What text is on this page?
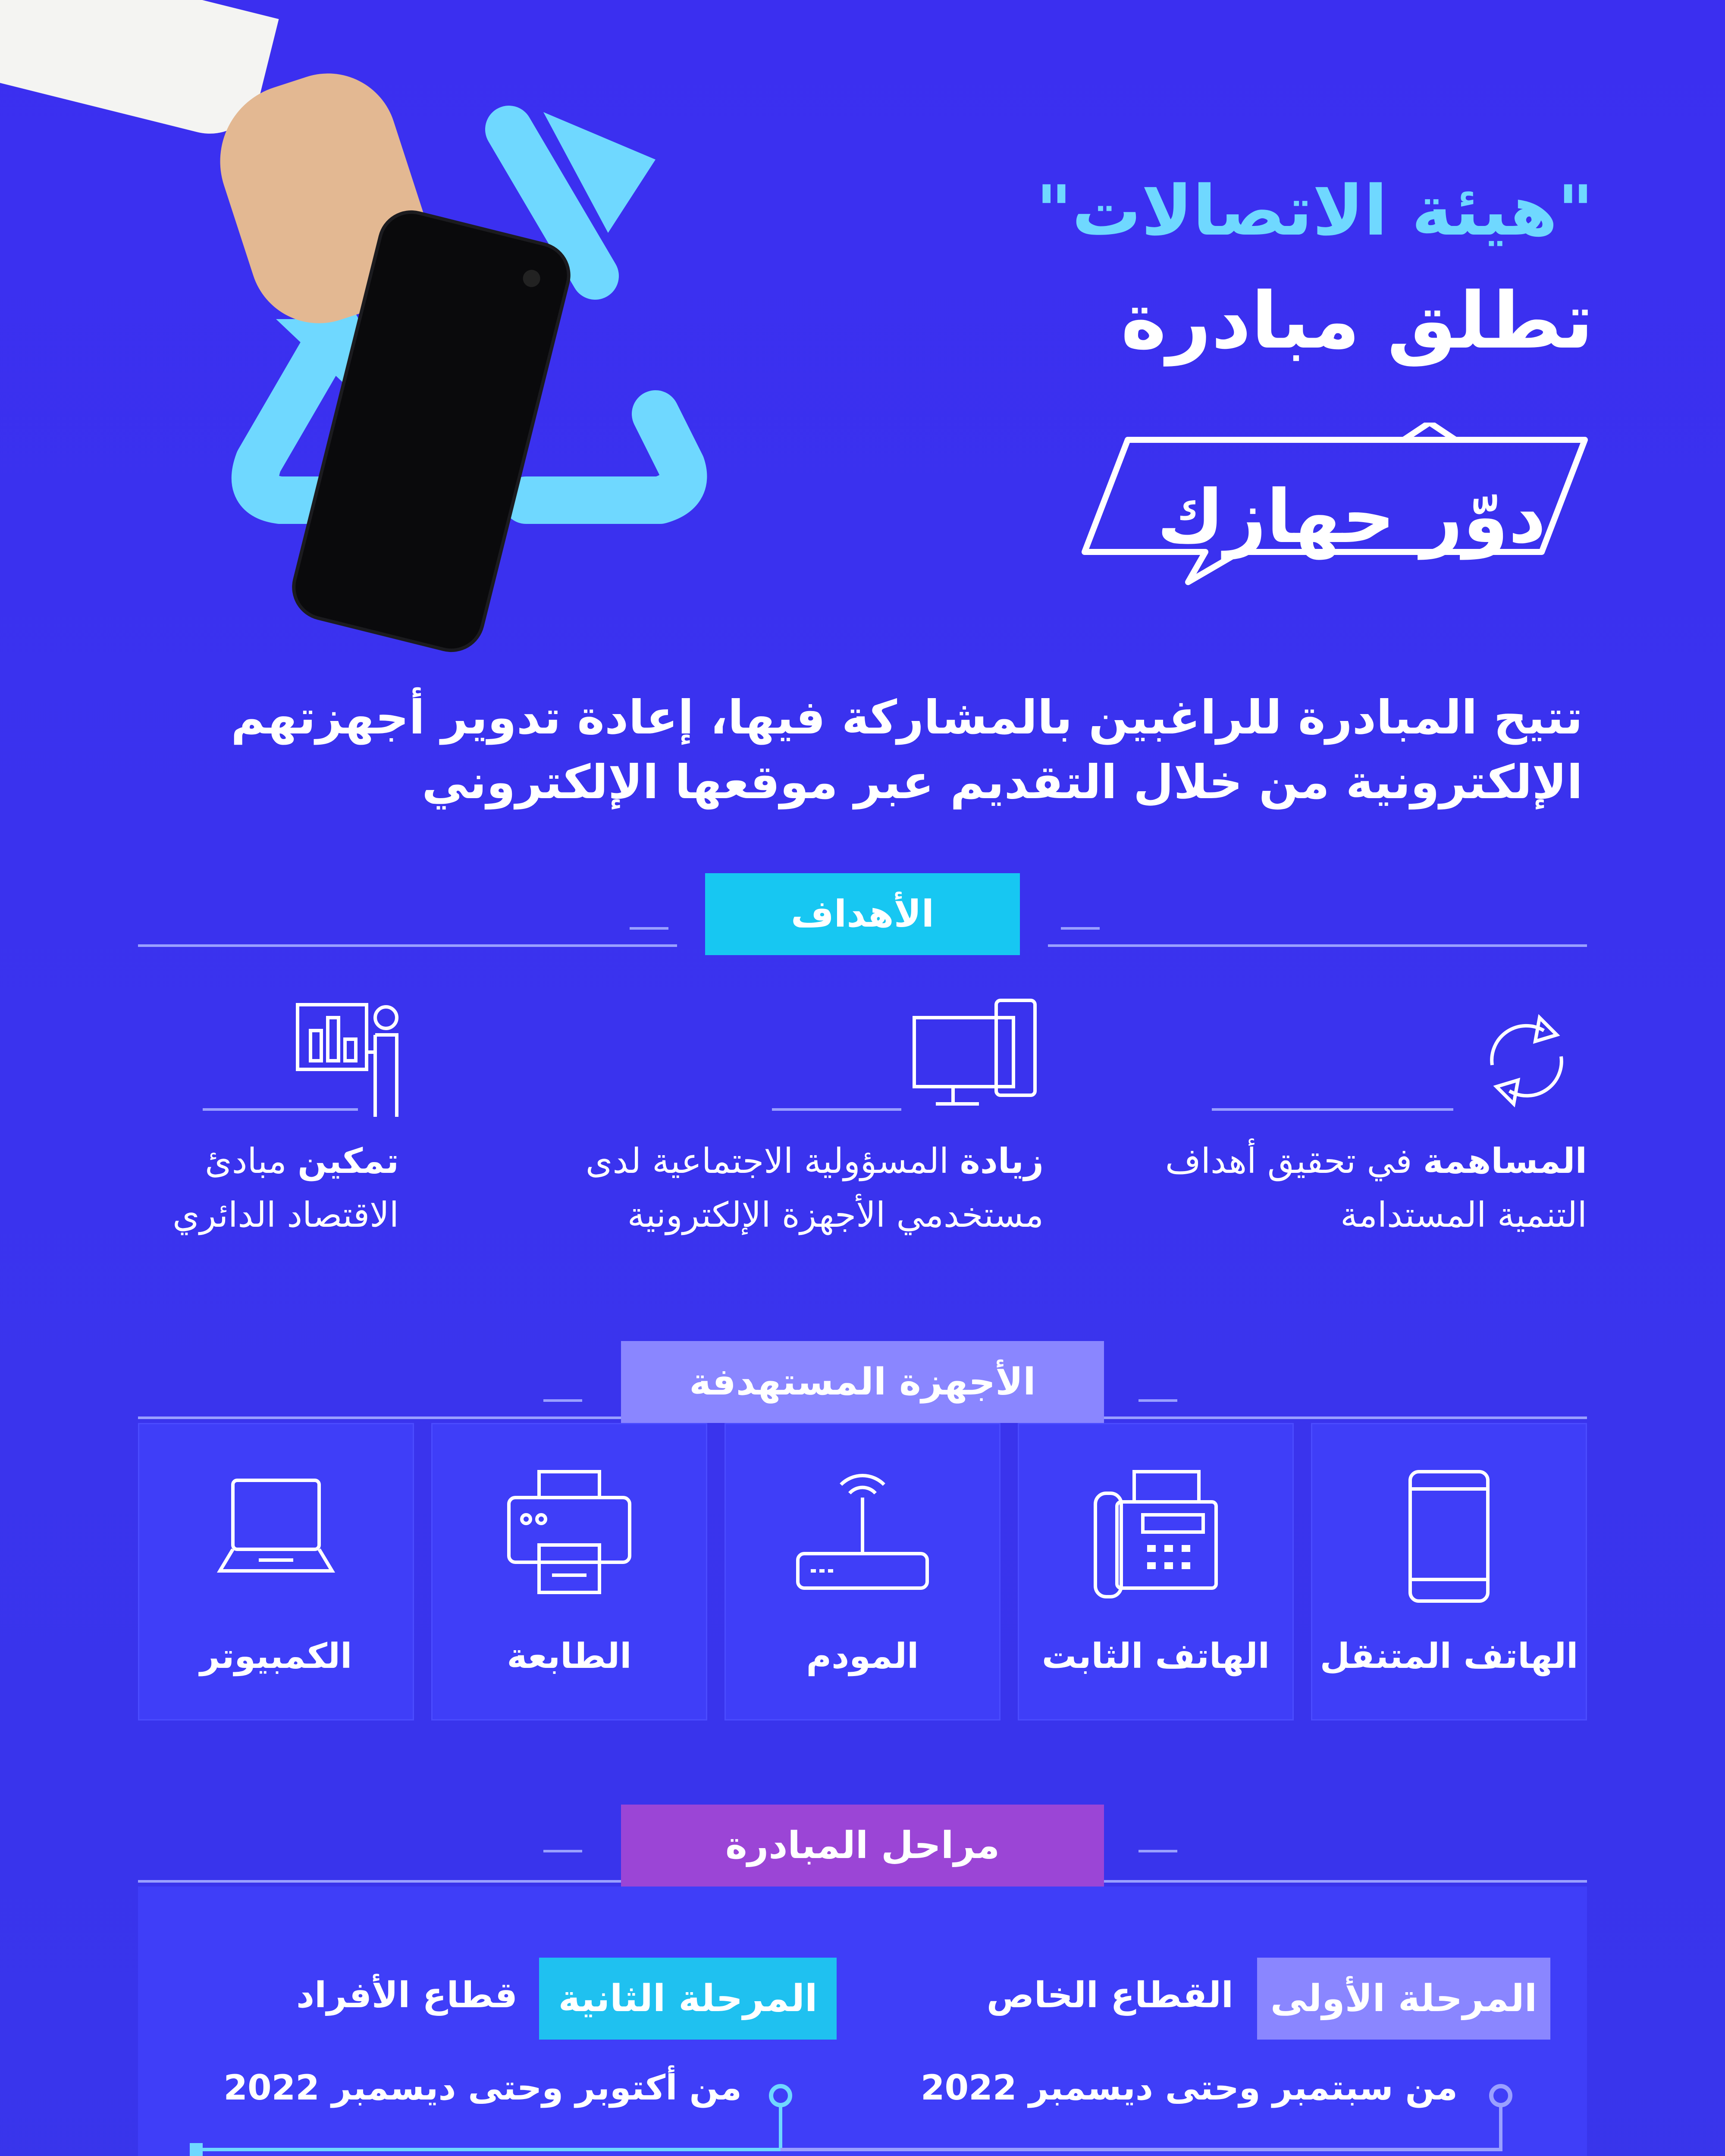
"هيئة الاتصالات"
تطلق مبادرة
دوّر جهازك
تتيح المبادرة للراغبين بالمشاركة فيها، إعادة تدوير أجهزتهم الإلكترونية من خلال التقديم عبر موقعها الإلكتروني
الأهداف
المساهمة في تحقيق أهداف التنمية المستدامة
زيادة المسؤولية الاجتماعية لدى مستخدمي الأجهزة الإلكترونية
تمكين مبادئ الاقتصاد الدائري
الأجهزة المستهدفة
الهاتف المتنقل
الهاتف الثابت
المودم
الطابعة
الكمبيوتر
مراحل المبادرة
المرحلة الأولى
القطاع الخاص
من سبتمبر وحتى ديسمبر 2022
المرحلة الثانية
قطاع الأفراد
من أكتوبر وحتى ديسمبر 2022
